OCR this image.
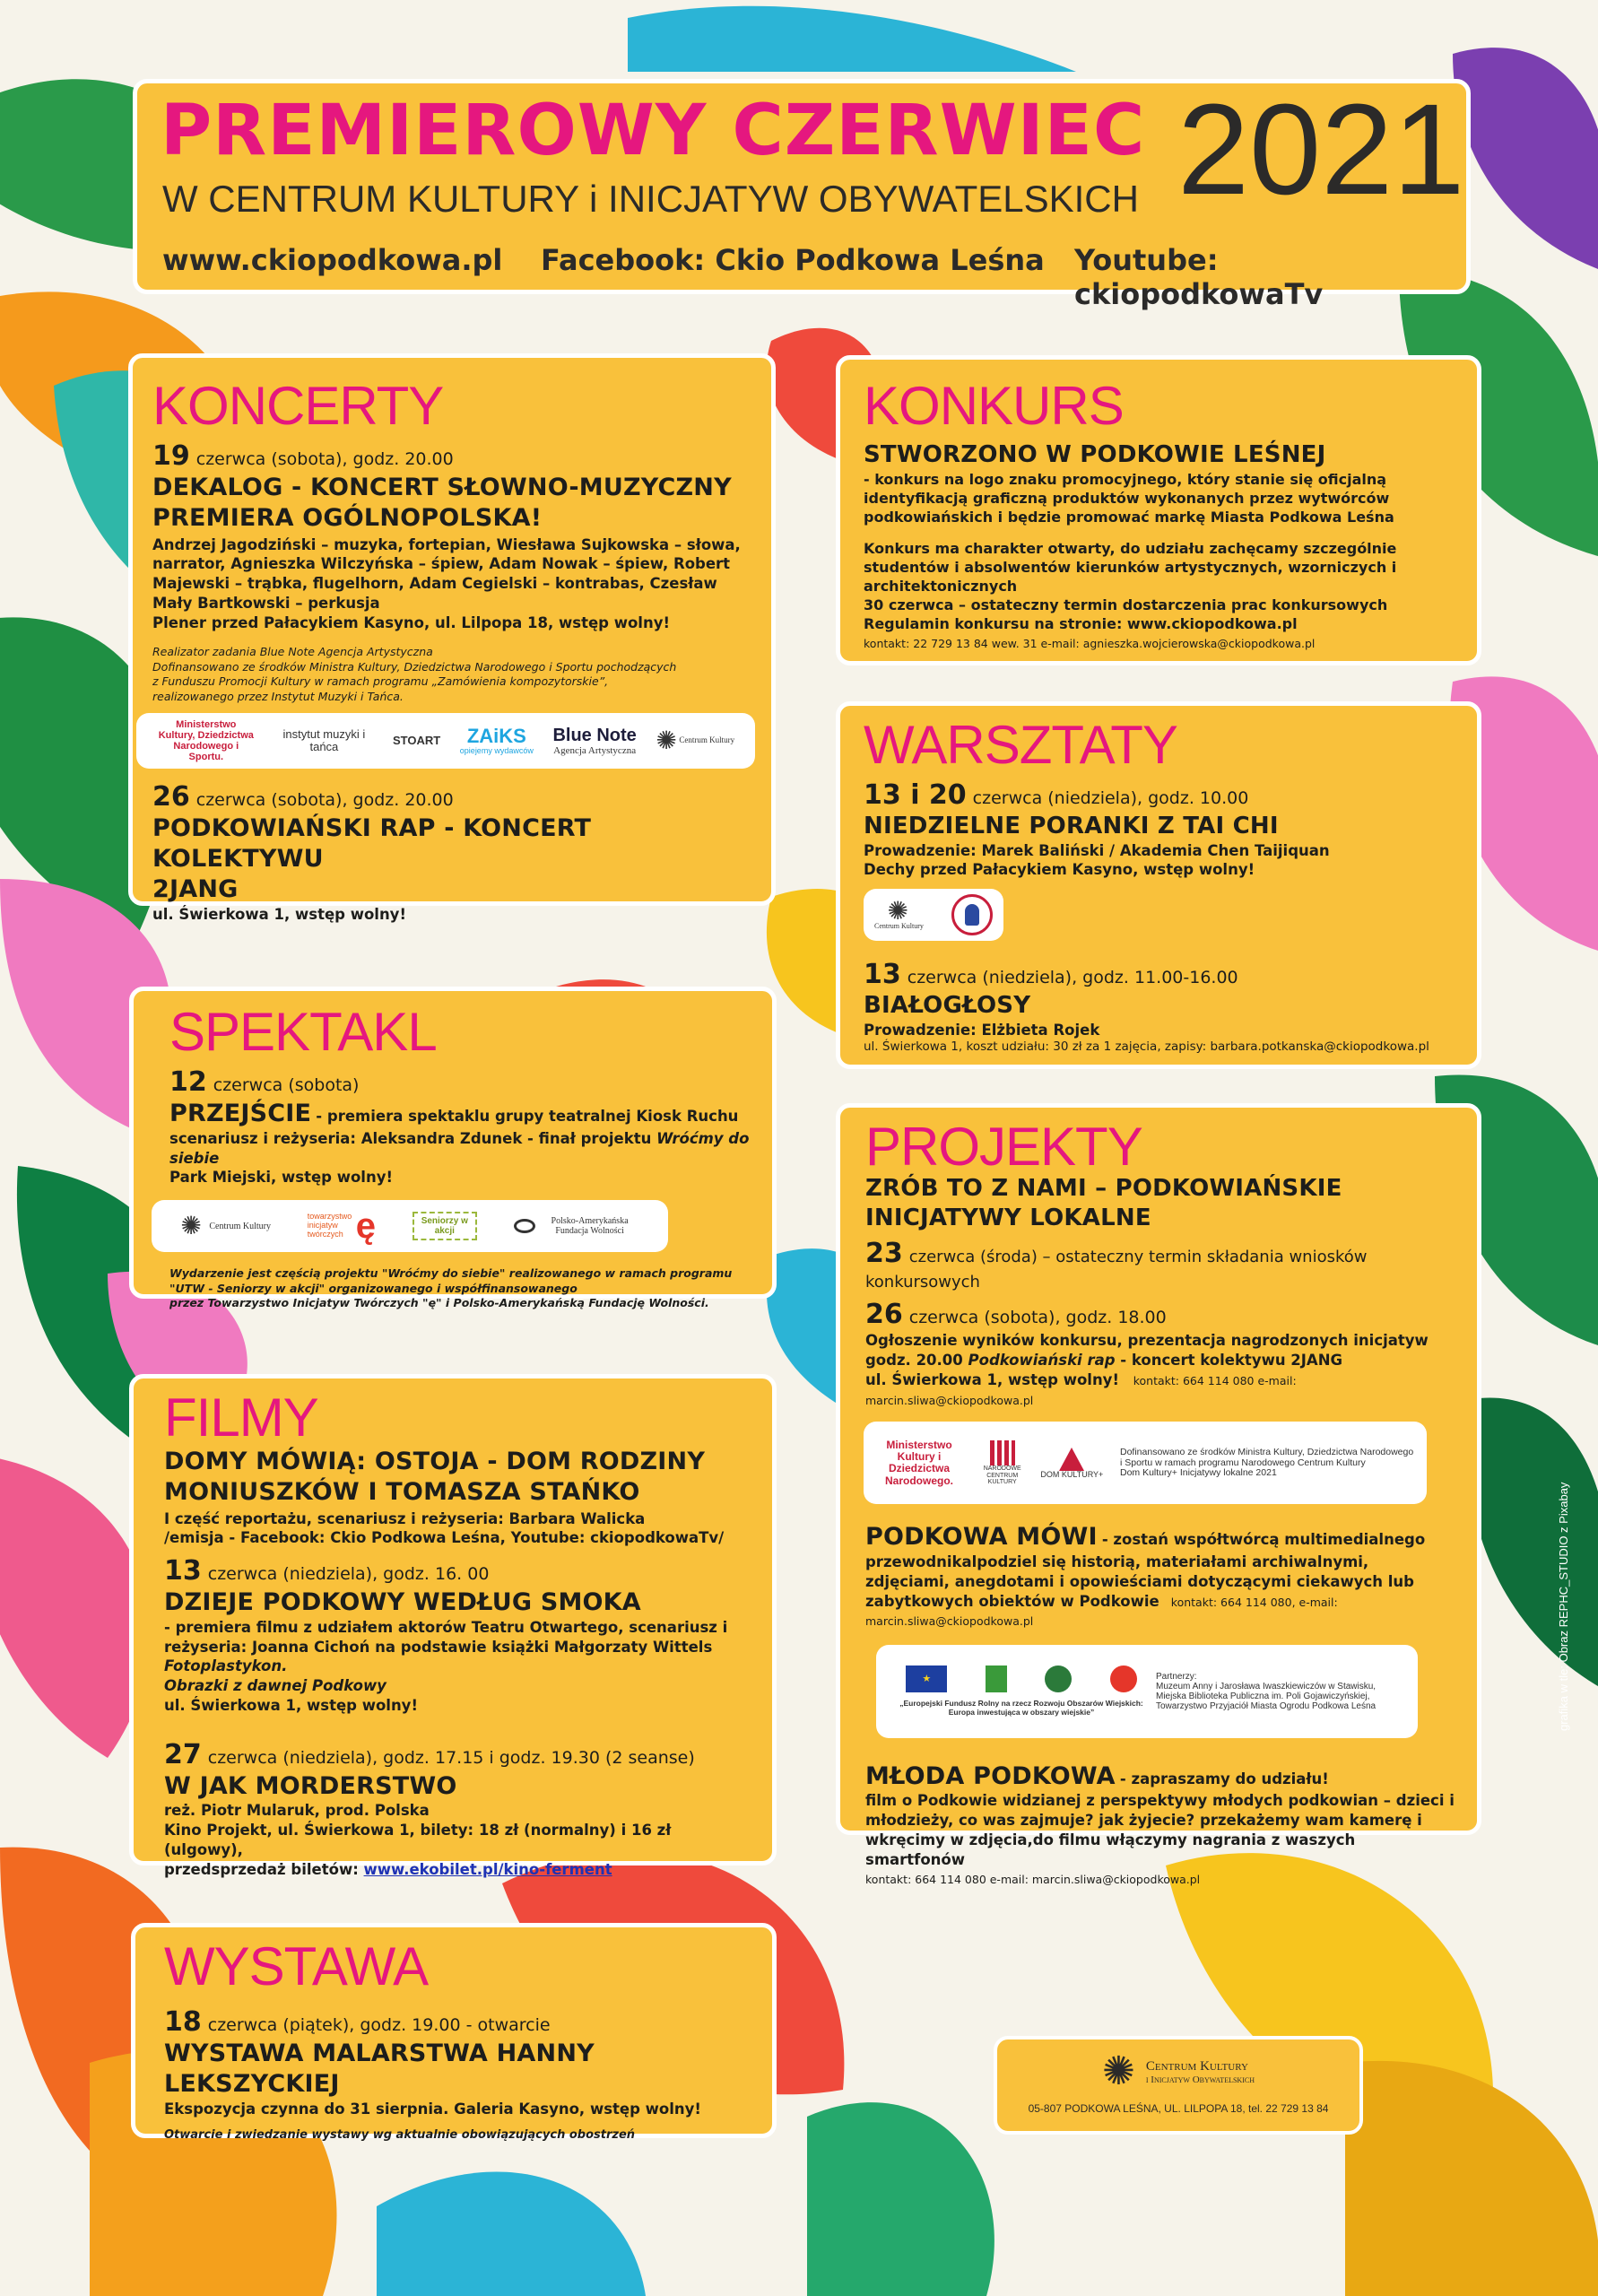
PREMIEROWY CZERWIEC 2021
W CENTRUM KULTURY i INICJATYW OBYWATELSKICH
www.ckiopodkowa.pl Facebook: Ckio Podkowa Leśna Youtube: ckiopodkowaTv
KONCERTY
19 czerwca (sobota), godz. 20.00
DEKALOG - KONCERT SŁOWNO-MUZYCZNY
PREMIERA OGÓLNOPOLSKA!
Andrzej Jagodziński – muzyka, fortepian, Wiesława Sujkowska – słowa, narrator, Agnieszka Wilczyńska – śpiew, Adam Nowak – śpiew, Robert Majewski – trąbka, flugelhorn, Adam Cegielski – kontrabas, Czesław Mały Bartkowski – perkusja
Plener przed Pałacykiem Kasyno, ul. Lilpopa 18, wstęp wolny!
Realizator zadania Blue Note Agencja Artystyczna
Dofinansowano ze środków Ministra Kultury, Dziedzictwa Narodowego i Sportu pochodzących
z Funduszu Promocji Kultury w ramach programu „Zamówienia kompozytorskie”,
realizowanego przez Instytut Muzyki i Tańca.
Ministerstwo Kultury, Dziedzictwa Narodowego i Sportu.
instytut muzyki i tańca	STOART	ZAiKS
opiejemy wydawców
Blue Note
Agencja Artystyczna
✺
Centrum Kultury
26 czerwca (sobota), godz. 20.00
PODKOWIAŃSKI RAP - KONCERT KOLEKTYWU
2JANG
ul. Świerkowa 1, wstęp wolny!
KONKURS
STWORZONO W PODKOWIE LEŚNEJ
- konkurs na logo znaku promocyjnego, który stanie się oficjalną identyfikacją graficzną produktów wykonanych przez wytwórców podkowiańskich i będzie promować markę Miasta Podkowa Leśna
Konkurs ma charakter otwarty, do udziału zachęcamy szczególnie studentów i absolwentów kierunków artystycznych, wzorniczych i architektonicznych
30 czerwca – ostateczny termin dostarczenia prac konkursowych
Regulamin konkursu na stronie: www.ckiopodkowa.pl
kontakt: 22 729 13 84 wew. 31 e-mail: agnieszka.wojcierowska@ckiopodkowa.pl
WARSZTATY
13 i 20 czerwca (niedziela), godz. 10.00
NIEDZIELNE PORANKI Z TAI CHI
Prowadzenie: Marek Baliński / Akademia Chen Taijiquan
Dechy przed Pałacykiem Kasyno, wstęp wolny!
✺
Centrum Kultury
13 czerwca (niedziela), godz. 11.00-16.00
BIAŁOGŁOSY
Prowadzenie: Elżbieta Rojek
ul. Świerkowa 1, koszt udziału: 30 zł za 1 zajęcia, zapisy: barbara.potkanska@ckiopodkowa.pl
SPEKTAKL
12 czerwca (sobota)
PRZEJŚCIE - premiera spektaklu grupy teatralnej Kiosk Ruchu
scenariusz i reżyseria: Aleksandra Zdunek - finał projektu Wróćmy do siebie
Park Miejski, wstęp wolny!
✺
Centrum Kultury
towarzystwo inicjatyw twórczych ę	Seniorzy w akcji
Polsko-Amerykańska Fundacja Wolności
Wydarzenie jest częścią projektu "Wróćmy do siebie" realizowanego w ramach programu
"UTW - Seniorzy w akcji" organizowanego i współfinansowanego
przez Towarzystwo Inicjatyw Twórczych "ę" i Polsko-Amerykańską Fundację Wolności.
PROJEKTY
ZRÓB TO Z NAMI – PODKOWIAŃSKIE
INICJATYWY LOKALNE
23 czerwca (środa) – ostateczny termin składania wniosków konkursowych
26 czerwca (sobota), godz. 18.00
Ogłoszenie wyników konkursu, prezentacja nagrodzonych inicjatyw
godz. 20.00 Podkowiański rap - koncert kolektywu 2JANG
ul. Świerkowa 1, wstęp wolny! kontakt: 664 114 080 e-mail: marcin.sliwa@ckiopodkowa.pl
Ministerstwo Kultury i Dziedzictwa Narodowego.
NARODOWE CENTRUM KULTURY
DOM KULTURY+
Dofinansowano ze środków Ministra Kultury, Dziedzictwa Narodowego
i Sportu w ramach programu Narodowego Centrum Kultury
Dom Kultury+ Inicjatywy lokalne 2021
PODKOWA MÓWI - zostań współtwórcą multimedialnego przewodnikalpodziel się historią, materiałami archiwalnymi, zdjęciami, anegdotami i opowieściami dotyczącymi ciekawych lub zabytkowych obiektów w Podkowie kontakt: 664 114 080, e-mail: marcin.sliwa@ckiopodkowa.pl
★
„Europejski Fundusz Rolny na rzecz Rozwoju Obszarów Wiejskich:
Europa inwestująca w obszary wiejskie”
Partnerzy:
Muzeum Anny i Jarosława Iwaszkiewiczów w Stawisku,
Miejska Biblioteka Publiczna im. Poli Gojawiczyńskiej,
Towarzystwo Przyjaciół Miasta Ogrodu Podkowa Leśna
MŁODA PODKOWA - zapraszamy do udziału!
film o Podkowie widzianej z perspektywy młodych podkowian – dzieci i młodzieży, co was zajmuje? jak żyjecie? przekażemy wam kamerę i wkręcimy w zdjęcia,do filmu włączymy nagrania z waszych smartfonów
kontakt: 664 114 080 e-mail: marcin.sliwa@ckiopodkowa.pl
FILMY
DOMY MÓWIĄ: OSTOJA - DOM RODZINY
MONIUSZKÓW I TOMASZA STAŃKO
I część reportażu, scenariusz i reżyseria: Barbara Walicka
/emisja - Facebook: Ckio Podkowa Leśna, Youtube: ckiopodkowaTv/
13 czerwca (niedziela), godz. 16. 00
DZIEJE PODKOWY WEDŁUG SMOKA
- premiera filmu z udziałem aktorów Teatru Otwartego, scenariusz i reżyseria: Joanna Cichoń na podstawie książki Małgorzaty Wittels Fotoplastykon.
Obrazki z dawnej Podkowy
ul. Świerkowa 1, wstęp wolny!
27 czerwca (niedziela), godz. 17.15 i godz. 19.30 (2 seanse)
W JAK MORDERSTWO
reż. Piotr Mularuk, prod. Polska
Kino Projekt, ul. Świerkowa 1, bilety: 18 zł (normalny) i 16 zł (ulgowy),
przedsprzedaż biletów: www.ekobilet.pl/kino-ferment
WYSTAWA
18 czerwca (piątek), godz. 19.00 - otwarcie
WYSTAWA MALARSTWA HANNY LEKSZYCKIEJ
Ekspozycja czynna do 31 sierpnia. Galeria Kasyno, wstęp wolny!
Otwarcie i zwiedzanie wystawy wg aktualnie obowiązujących obostrzeń
✺ Centrum Kultury
i Inicjatyw Obywatelskich
05-807 PODKOWA LEŚNA, UL. LILPOPA 18, tel. 22 729 13 84
grafika w tle: Obraz REPHC_STUDIO z Pixabay
